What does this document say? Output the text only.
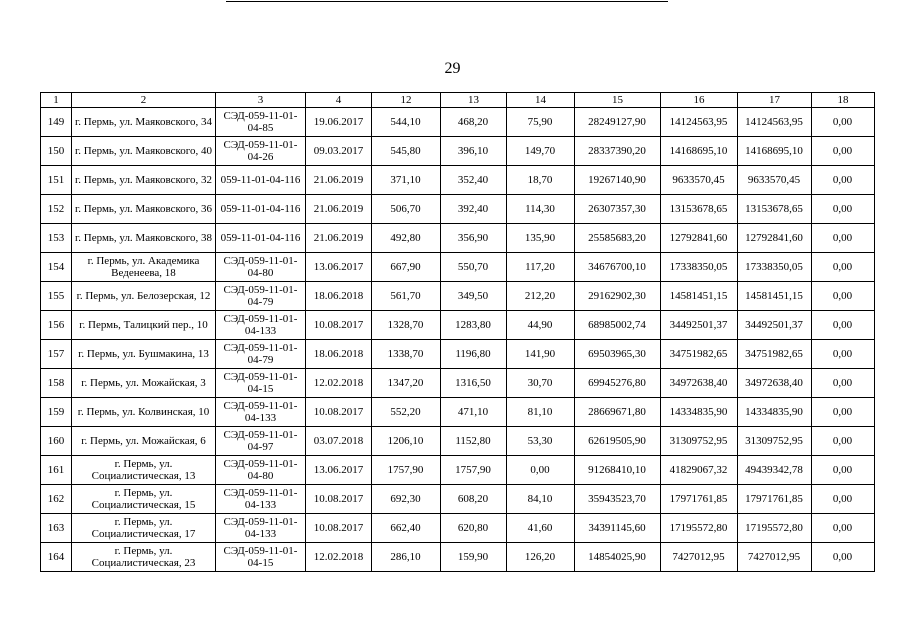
29
1	2	3	4	12	13	14	15	16	17	18
149	г. Пермь, ул. Маяковского, 34	СЭД-059-11-01-04-85	19.06.2017	544,10	468,20	75,90	28249127,90	14124563,95	14124563,95	0,00
150	г. Пермь, ул. Маяковского, 40	СЭД-059-11-01-04-26	09.03.2017	545,80	396,10	149,70	28337390,20	14168695,10	14168695,10	0,00
151	г. Пермь, ул. Маяковского, 32	059-11-01-04-116	21.06.2019	371,10	352,40	18,70	19267140,90	9633570,45	9633570,45	0,00
152	г. Пермь, ул. Маяковского, 36	059-11-01-04-116	21.06.2019	506,70	392,40	114,30	26307357,30	13153678,65	13153678,65	0,00
153	г. Пермь, ул. Маяковского, 38	059-11-01-04-116	21.06.2019	492,80	356,90	135,90	25585683,20	12792841,60	12792841,60	0,00
154	г. Пермь, ул. Академика Веденеева, 18	СЭД-059-11-01-04-80	13.06.2017	667,90	550,70	117,20	34676700,10	17338350,05	17338350,05	0,00
155	г. Пермь, ул. Белозерская, 12	СЭД-059-11-01-04-79	18.06.2018	561,70	349,50	212,20	29162902,30	14581451,15	14581451,15	0,00
156	г. Пермь, Талицкий пер., 10	СЭД-059-11-01-04-133	10.08.2017	1328,70	1283,80	44,90	68985002,74	34492501,37	34492501,37	0,00
157	г. Пермь, ул. Бушмакина, 13	СЭД-059-11-01-04-79	18.06.2018	1338,70	1196,80	141,90	69503965,30	34751982,65	34751982,65	0,00
158	г. Пермь, ул. Можайская, 3	СЭД-059-11-01-04-15	12.02.2018	1347,20	1316,50	30,70	69945276,80	34972638,40	34972638,40	0,00
159	г. Пермь, ул. Колвинская, 10	СЭД-059-11-01-04-133	10.08.2017	552,20	471,10	81,10	28669671,80	14334835,90	14334835,90	0,00
160	г. Пермь, ул. Можайская, 6	СЭД-059-11-01-04-97	03.07.2018	1206,10	1152,80	53,30	62619505,90	31309752,95	31309752,95	0,00
161	г. Пермь, ул. Социалистическая, 13	СЭД-059-11-01-04-80	13.06.2017	1757,90	1757,90	0,00	91268410,10	41829067,32	49439342,78	0,00
162	г. Пермь, ул. Социалистическая, 15	СЭД-059-11-01-04-133	10.08.2017	692,30	608,20	84,10	35943523,70	17971761,85	17971761,85	0,00
163	г. Пермь, ул. Социалистическая, 17	СЭД-059-11-01-04-133	10.08.2017	662,40	620,80	41,60	34391145,60	17195572,80	17195572,80	0,00
164	г. Пермь, ул. Социалистическая, 23	СЭД-059-11-01-04-15	12.02.2018	286,10	159,90	126,20	14854025,90	7427012,95	7427012,95	0,00
